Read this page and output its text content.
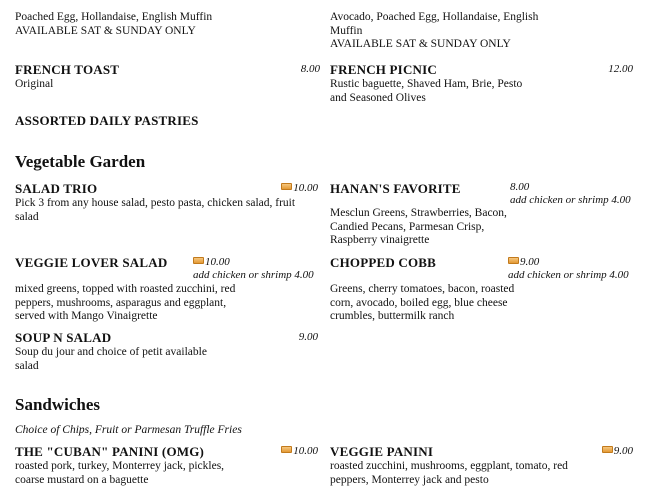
Poached Egg, Hollandaise, English Muffin
AVAILABLE SAT & SUNDAY ONLY
Avocado, Poached Egg, Hollandaise, English Muffin
AVAILABLE SAT & SUNDAY ONLY
FRENCH TOAST
Original
8.00 FRENCH PICNIC
Rustic baguette, Shaved Ham, Brie, Pesto and Seasoned Olives
12.00
ASSORTED DAILY PASTRIES
Vegetable Garden
SALAD TRIO
Pick 3 from any house salad, pesto pasta, chicken salad, fruit salad
10.00 HANAN'S FAVORITE	8.00
add chicken or shrimp 4.00
Mesclun Greens, Strawberries, Bacon, Candied Pecans, Parmesan Crisp, Raspberry vinaigrette
VEGGIE LOVER SALAD	10.00
add chicken or shrimp 4.00
mixed greens, topped with roasted zucchini, red peppers, mushrooms, asparagus and eggplant, served with Mango Vinaigrette
CHOPPED COBB	9.00
add chicken or shrimp 4.00
Greens, cherry tomatoes, bacon, roasted corn, avocado, boiled egg, blue cheese crumbles, buttermilk ranch
SOUP N SALAD
Soup du jour and choice of petit available salad
9.00
Sandwiches
Choice of Chips, Fruit or Parmesan Truffle Fries
THE "CUBAN" PANINI (OMG)
roasted pork, turkey, Monterrey jack, pickles, coarse mustard on a baguette
10.00 VEGGIE PANINI
roasted zucchini, mushrooms, eggplant, tomato, red peppers, Monterrey jack and pesto
9.00
